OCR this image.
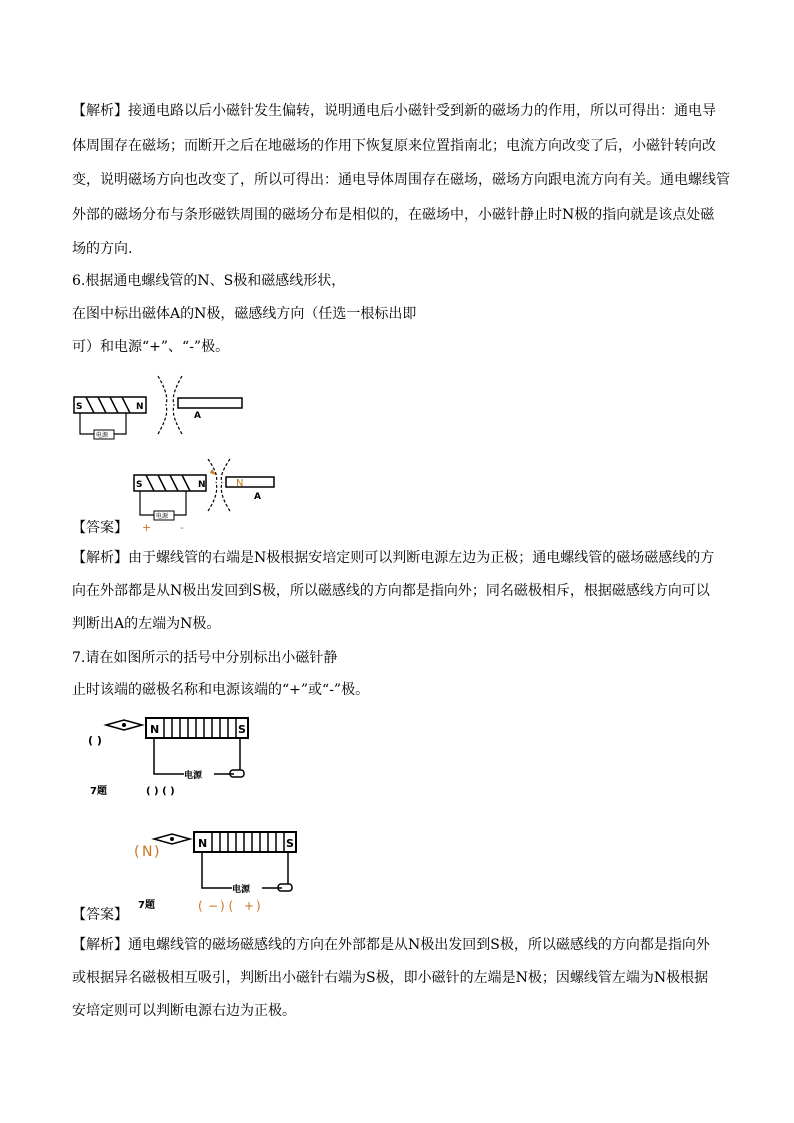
【解析】接通电路以后小磁针发生偏转，说明通电后小磁针受到新的磁场力的作用，所以可得出：通电导
体周围存在磁场；而断开之后在地磁场的作用下恢复原来位置指南北；电流方向改变了后，小磁针转向改
变，说明磁场方向也改变了，所以可得出：通电导体周围存在磁场，磁场方向跟电流方向有关。通电螺线管
外部的磁场分布与条形磁铁周围的磁场分布是相似的，在磁场中，小磁针静止时N极的指向就是该点处磁
场的方向.
6.根据通电螺线管的N、S极和磁感线形状，
在图中标出磁体A的N极，磁感线方向（任选一根标出即
可）和电源“+”、“-”极。
S	N
电源
A
S	N
电源
N
A
+	-
【答案】
【解析】由于螺线管的右端是N极根据安培定则可以判断电源左边为正极；通电螺线管的磁场磁感线的方
向在外部都是从N极出发回到S极，所以磁感线的方向都是指向外；同名磁极相斥，根据磁感线方向可以
判断出A的左端为N极。
7.请在如图所示的括号中分别标出小磁针静
止时该端的磁极名称和电源该端的“+”或“-”极。
( )
N	S
电源
7题	( ) ( )
( N )
N	S
电源
7题	( − ) ( + )
【答案】
【解析】通电螺线管的磁场磁感线的方向在外部都是从N极出发回到S极，所以磁感线的方向都是指向外
或根据异名磁极相互吸引，判断出小磁针右端为S极，即小磁针的左端是N极；因螺线管左端为N极根据
安培定则可以判断电源右边为正极。
